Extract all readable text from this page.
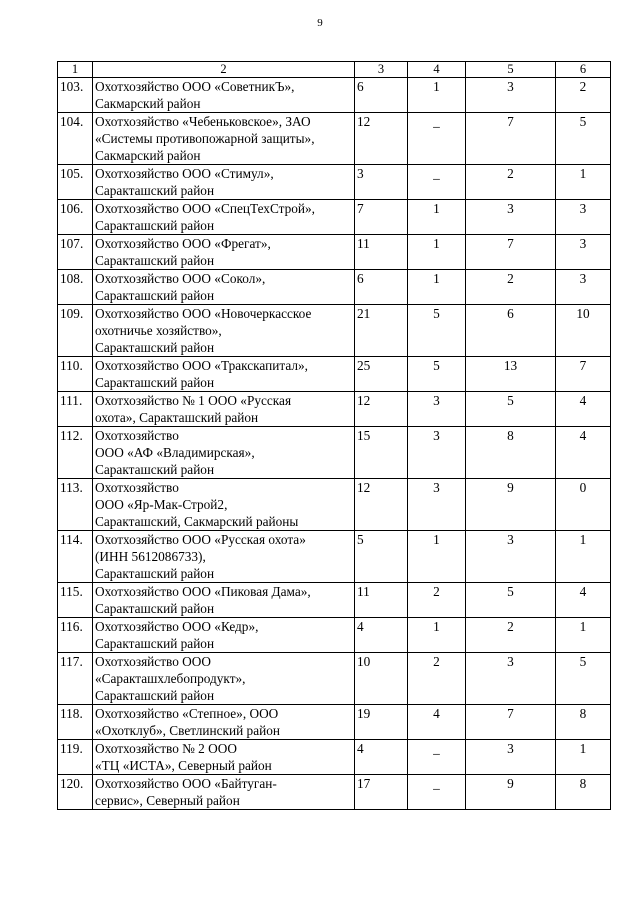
9
1	2	3	4	5	6
103.	Охотхозяйство ООО «СоветникЪ»,
Сакмарский район	6	1	3	2
104.	Охотхозяйство «Чебеньковское», ЗАО
«Системы противопожарной защиты»,
Сакмарский район	12	_	7	5
105.	Охотхозяйство ООО «Стимул»,
Саракташский район	3	_	2	1
106.	Охотхозяйство ООО «СпецТехСтрой»,
Саракташский район	7	1	3	3
107.	Охотхозяйство ООО «Фрегат»,
Саракташский район	11	1	7	3
108.	Охотхозяйство ООО «Сокол»,
Саракташский район	6	1	2	3
109.	Охотхозяйство ООО «Новочеркасское
охотничье хозяйство»,
Саракташский район	21	5	6	10
110.	Охотхозяйство ООО «Тракскапитал»,
Саракташский район	25	5	13	7
111.	Охотхозяйство № 1 ООО «Русская
охота», Саракташский район	12	3	5	4
112.	Охотхозяйство
ООО «АФ «Владимирская»,
Саракташский район	15	3	8	4
113.	Охотхозяйство
ООО «Яр-Мак-Строй2,
Саракташский, Сакмарский районы	12	3	9	0
114.	Охотхозяйство ООО «Русская охота»
(ИНН 5612086733),
Саракташский район	5	1	3	1
115.	Охотхозяйство ООО «Пиковая Дама»,
Саракташский район	11	2	5	4
116.	Охотхозяйство ООО «Кедр»,
Саракташский район	4	1	2	1
117.	Охотхозяйство ООО
«Саракташхлебопродукт»,
Саракташский район	10	2	3	5
118.	Охотхозяйство «Степное», ООО
«Охотклуб», Светлинский район	19	4	7	8
119.	Охотхозяйство № 2 ООО
«ТЦ «ИСТА», Северный район	4	_	3	1
120.	Охотхозяйство ООО «Байтуган-
сервис», Северный район	17	_	9	8
